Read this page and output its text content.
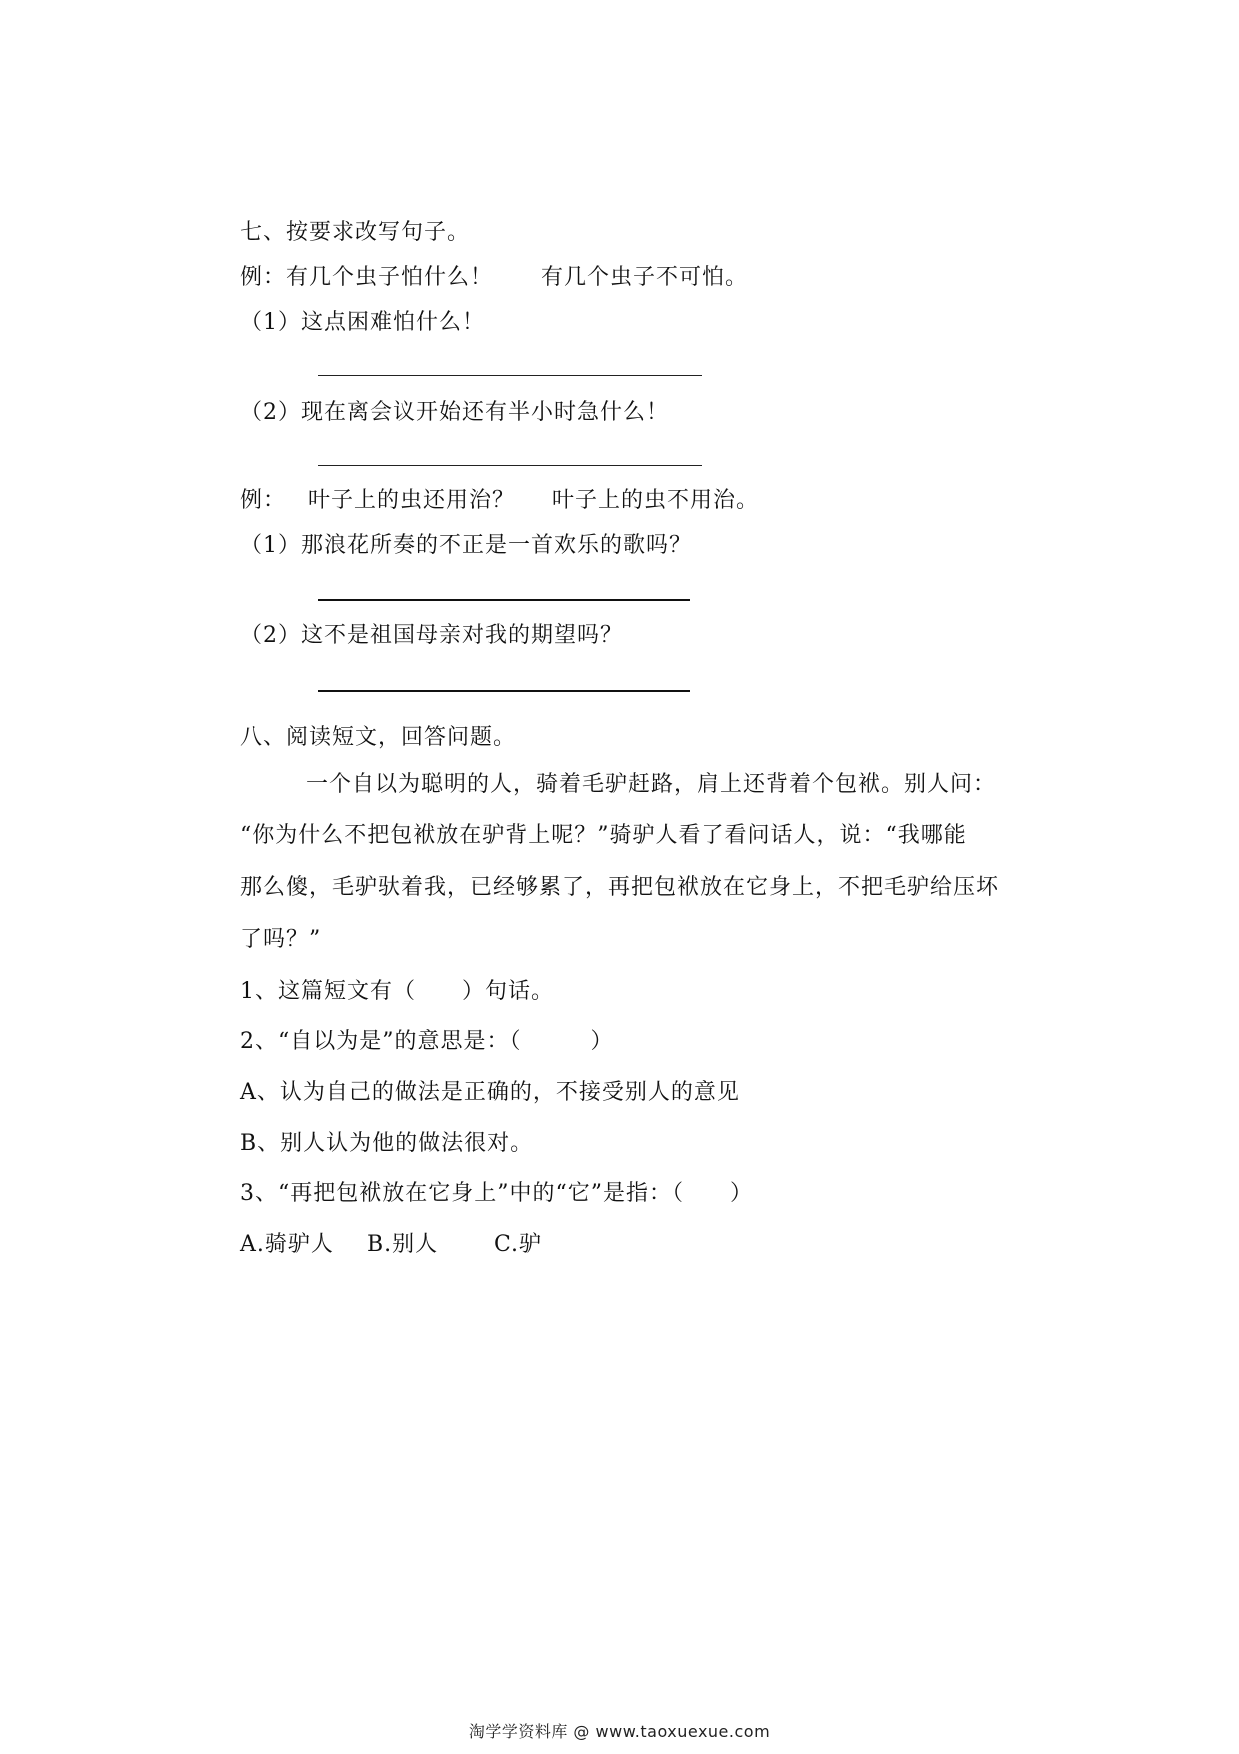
七、按要求改写句子。
例： 有几个虫子怕什么！ 有几个虫子不可怕。
（1）这点困难怕什么！
（2）现在离会议开始还有半小时急什么！
例： 叶子上的虫还用治？ 叶子上的虫不用治。
（1）那浪花所奏的不正是一首欢乐的歌吗？
（2）这不是祖国母亲对我的期望吗？
八、阅读短文，回答问题。
一个自以为聪明的人，骑着毛驴赶路，肩上还背着个包袱。别人问：
“你为什么不把包袱放在驴背上呢？”骑驴人看了看问话人，说：“我哪能
那么傻，毛驴驮着我，已经够累了，再把包袱放在它身上，不把毛驴给压坏
了吗？”
1、这篇短文有（　　）句话。
2、“自以为是”的意思是：（　　　）
A、认为自己的做法是正确的，不接受别人的意见
B、别人认为他的做法很对。
3、“再把包袱放在它身上”中的“它”是指：（　　）
A.骑驴人 B.别人	C.驴
淘学学资料库 @ www.taoxuexue.com
